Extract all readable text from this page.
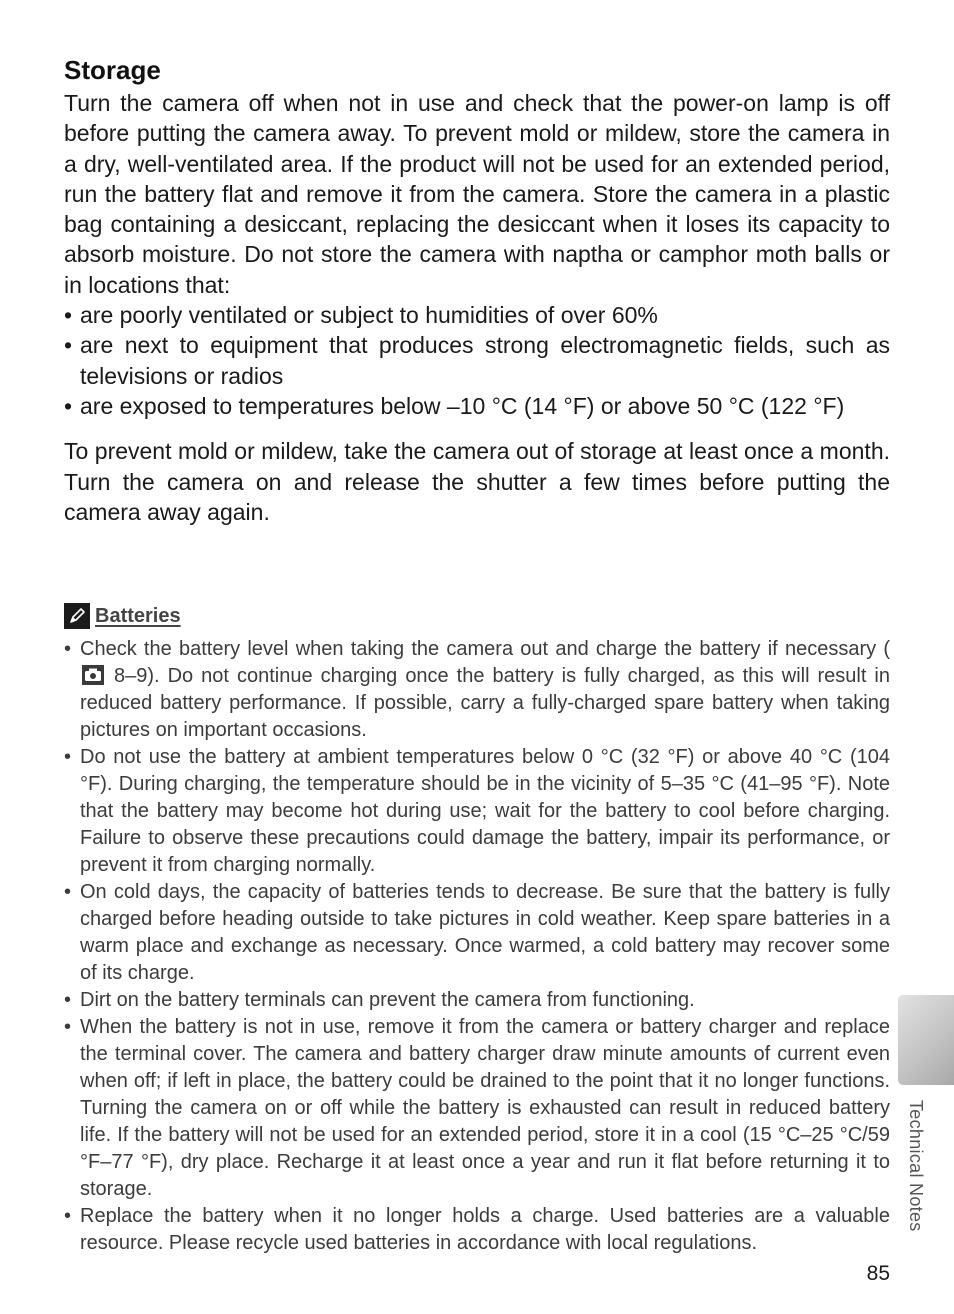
Storage

Turn the camera off when not in use and check that the power-on lamp is off before putting the camera away. To prevent mold or mildew, store the camera in a dry, well-ventilated area. If the product will not be used for an extended period, run the battery flat and remove it from the camera. Store the camera in a plastic bag containing a desiccant, replacing the desiccant when it loses its capacity to absorb moisture. Do not store the camera with naptha or camphor moth balls or in locations that:

• are poorly ventilated or subject to humidities of over 60%
• are next to equipment that produces strong electromagnetic fields, such as televisions or radios
• are exposed to temperatures below –10 °C (14 °F) or above 50 °C (122 °F)

To prevent mold or mildew, take the camera out of storage at least once a month. Turn the camera on and release the shutter a few times before putting the camera away again.

Batteries
• Check the battery level when taking the camera out and charge the battery if necessary ( 8–9). Do not continue charging once the battery is fully charged, as this will result in reduced battery performance. If possible, carry a fully-charged spare battery when taking pictures on important occasions.
• Do not use the battery at ambient temperatures below 0 °C (32 °F) or above 40 °C (104 °F). During charging, the temperature should be in the vicinity of 5–35 °C (41–95 °F). Note that the battery may become hot during use; wait for the battery to cool before charging. Failure to observe these precautions could damage the battery, impair its performance, or prevent it from charging normally.
• On cold days, the capacity of batteries tends to decrease. Be sure that the battery is fully charged before heading outside to take pictures in cold weather. Keep spare batteries in a warm place and exchange as necessary. Once warmed, a cold battery may recover some of its charge.
• Dirt on the battery terminals can prevent the camera from functioning.
• When the battery is not in use, remove it from the camera or battery charger and replace the terminal cover. The camera and battery charger draw minute amounts of current even when off; if left in place, the battery could be drained to the point that it no longer functions. Turning the camera on or off while the battery is exhausted can result in reduced battery life. If the battery will not be used for an extended period, store it in a cool (15 °C–25 °C/59 °F–77 °F), dry place. Recharge it at least once a year and run it flat before returning it to storage.
• Replace the battery when it no longer holds a charge. Used batteries are a valuable resource. Please recycle used batteries in accordance with local regulations.
Technical Notes
85
